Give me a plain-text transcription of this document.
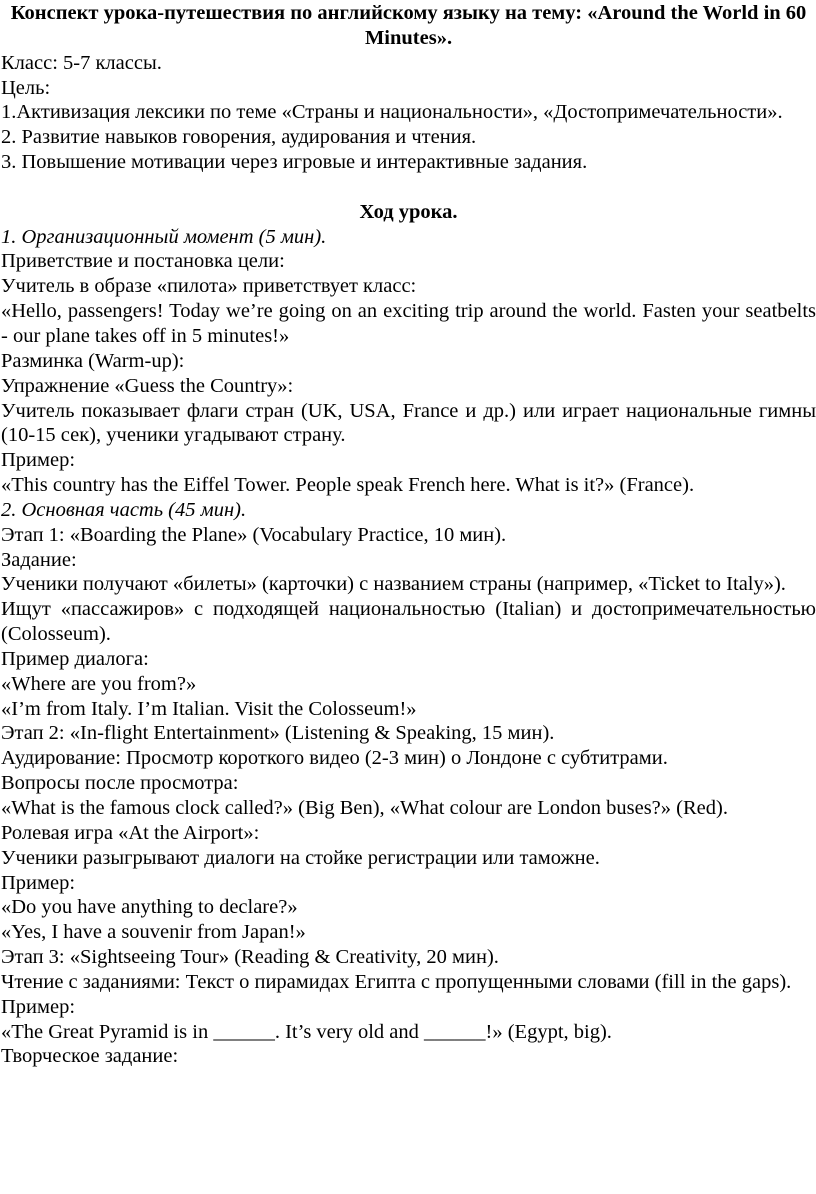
Конспект урока-путешествия по английскому языку на тему: «Around the World in 60 Minutes».

Класс: 5-7 классы.

Цель:

1.Активизация лексики по теме «Страны и национальности», «Достопримечательности».

2. Развитие навыков говорения, аудирования и чтения.

3. Повышение мотивации через игровые и интерактивные задания.

Ход урока.

1. Организационный момент (5 мин).

Приветствие и постановка цели:

Учитель в образе «пилота» приветствует класс:

«Hello, passengers! Today we’re going on an exciting trip around the world. Fasten your seatbelts - our plane takes off in 5 minutes!»

Разминка (Warm-up):

Упражнение «Guess the Country»:

Учитель показывает флаги стран (UK, USA, France и др.) или играет национальные гимны (10-15 сек), ученики угадывают страну.

Пример:

«This country has the Eiffel Tower. People speak French here. What is it?» (France).

2. Основная часть (45 мин).

Этап 1: «Boarding the Plane» (Vocabulary Practice, 10 мин).

Задание:

Ученики получают «билеты» (карточки) с названием страны (например, «Ticket to Italy»).

Ищут «пассажиров» с подходящей национальностью (Italian) и достопримечательностью (Colosseum).

Пример диалога:

«Where are you from?»

«I’m from Italy. I’m Italian. Visit the Colosseum!»

Этап 2: «In-flight Entertainment» (Listening & Speaking, 15 мин).

Аудирование: Просмотр короткого видео (2-3 мин) о Лондоне с субтитрами.

Вопросы после просмотра:

«What is the famous clock called?» (Big Ben), «What colour are London buses?» (Red).

Ролевая игра «At the Airport»:

Ученики разыгрывают диалоги на стойке регистрации или таможне.

Пример:

«Do you have anything to declare?»

«Yes, I have a souvenir from Japan!»

Этап 3: «Sightseeing Tour» (Reading & Creativity, 20 мин).

Чтение с заданиями: Текст о пирамидах Египта с пропущенными словами (fill in the gaps).

Пример:

«The Great Pyramid is in ______. It’s very old and ______!» (Egypt, big).

Творческое задание:
